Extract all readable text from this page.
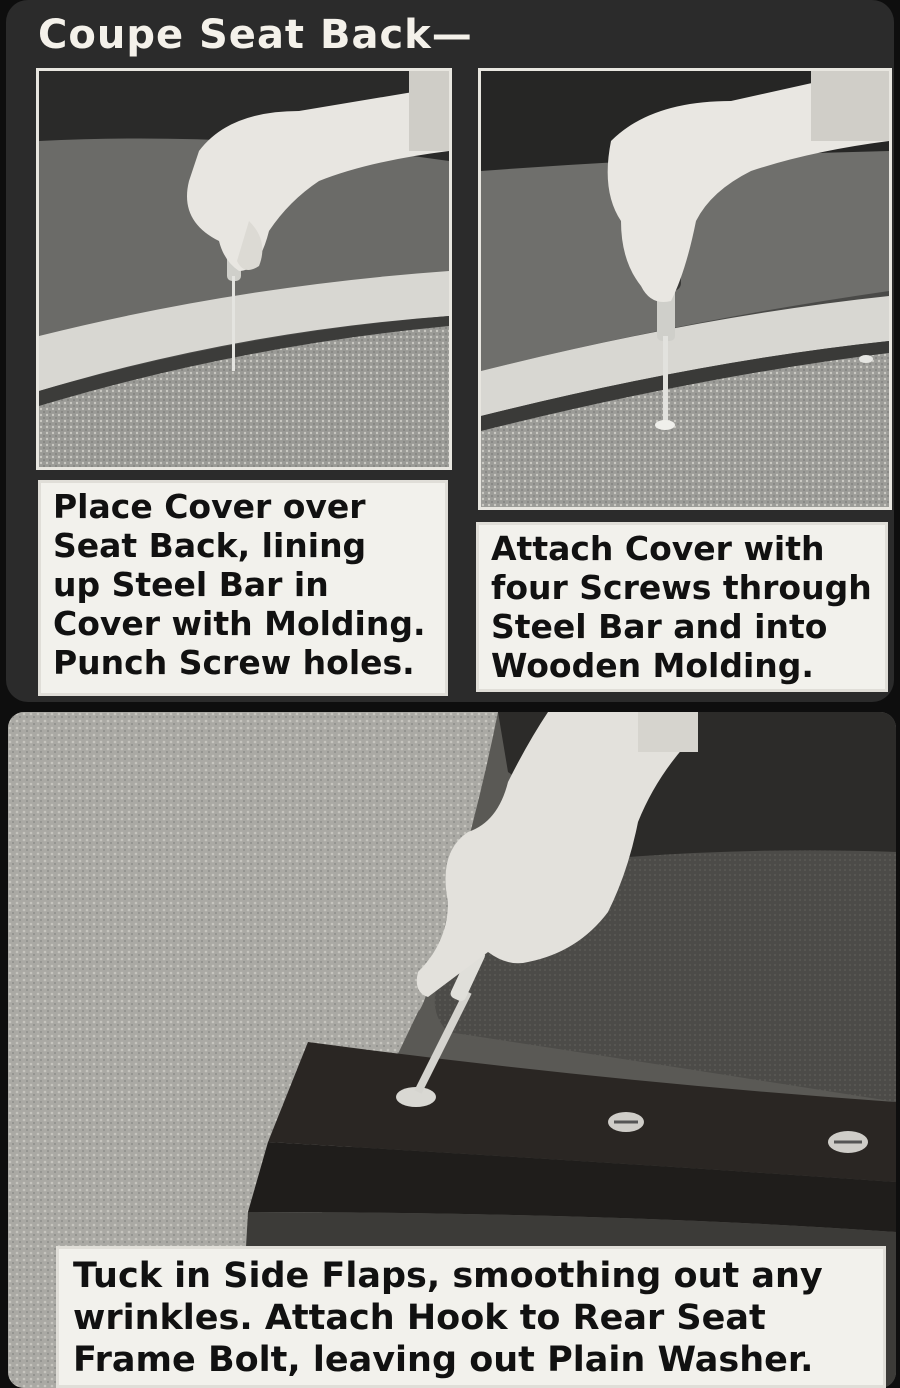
Coupe Seat Back—
Place Cover over
Seat Back, lining
up Steel Bar in
Cover with Molding.
Punch Screw holes.
Attach Cover with
four Screws through
Steel Bar and into
Wooden Molding.
Tuck in Side Flaps, smoothing out any
wrinkles. Attach Hook to Rear Seat
Frame Bolt, leaving out Plain Washer.
